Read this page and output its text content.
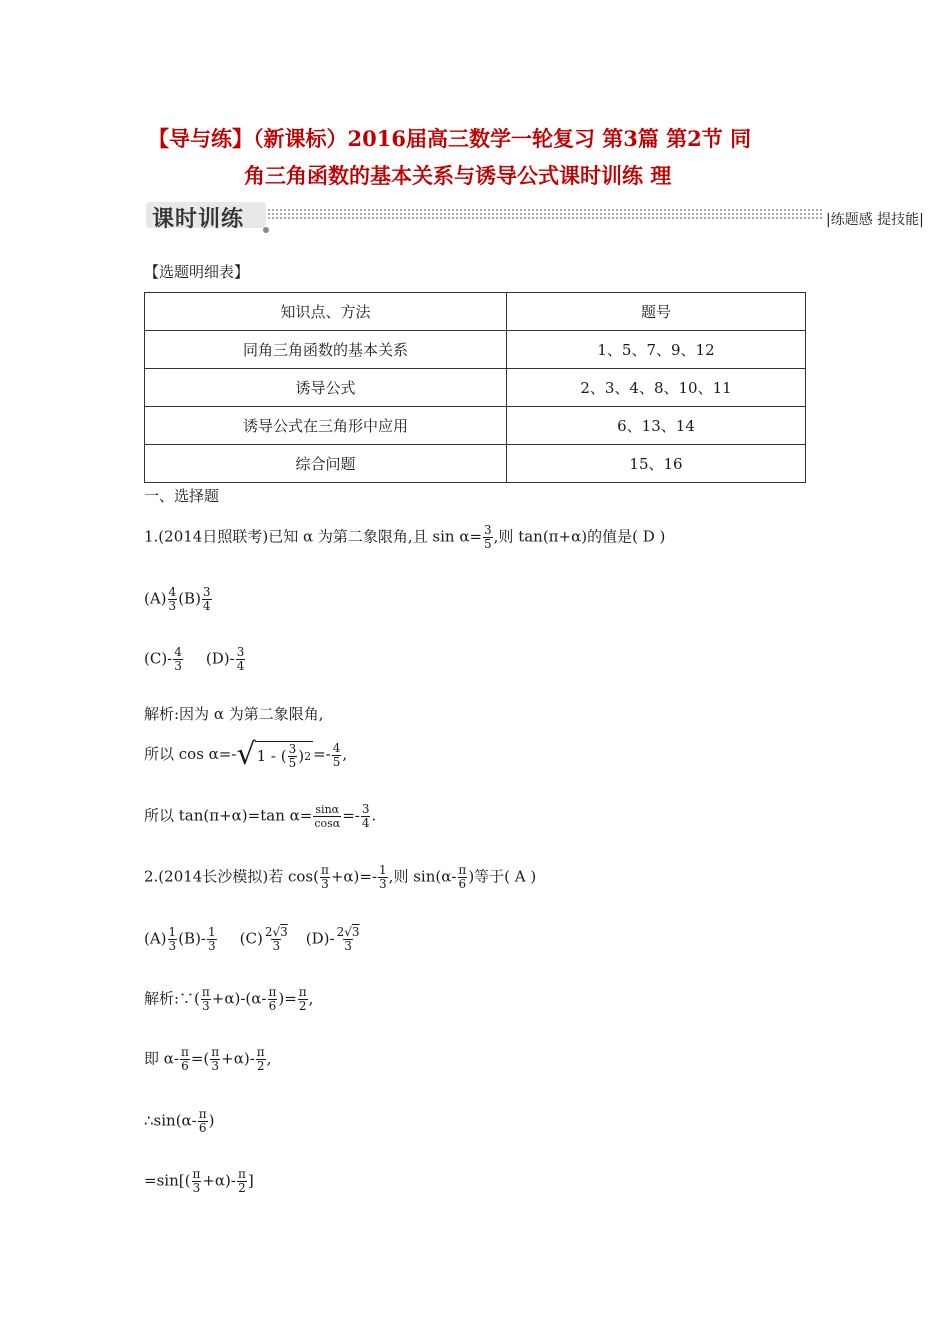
【导与练】（新课标）2016届高三数学一轮复习 第3篇 第2节 同
角三角函数的基本关系与诱导公式课时训练 理
课时训练	|练题感 提技能|
【选题明细表】
知识点、方法	题号
同角三角函数的基本关系	1、5、7、9、12
诱导公式	2、3、4、8、10、11
诱导公式在三角形中应用	6、13、14
综合问题	15、16
一、选择题
1.(2014日照联考)已知 α 为第二象限角,且 $\sin \alpha= \frac{3}{5}$ ,则 tan(π+α)的值是( D )
$(A) \frac{4}{3} (B) \frac{3}{4}$
$(C)- \frac{4}{3} (D)- \frac{3}{4}$
解析:因为 α 为第二象限角,
所以 cos α=- √ 1 - ( $\frac{3}{5}$ ) $2 =- \frac{4}{5}$ ,
所以 tan(π+α)=tan $\alpha= \frac{\sin\alpha}{\cos\alpha} =- \frac{3}{4}$ .
2.(2014长沙模拟)若 $\cos( \frac{\pi}{3} +\alpha)=- \frac{1}{3}$ ,则 $\sin(\alpha- \frac{\pi}{6}$ )等于( A )
$(A) \frac{1}{3} (B)- \frac{1}{3} (C) \frac{2√3}{3} (D)- \frac{2√3}{3}$
解析:∵( $\frac{\pi}{3} +\alpha)-(\alpha- \frac{\pi}{6}$ )= $\frac{\pi}{2}$ ,
即 $\alpha- \frac{\pi}{6}$ =( $\frac{\pi}{3} +\alpha)- \frac{\pi}{2}$ ,
∴sin(α- $\frac{\pi}{6}$ )
$=\sin[( \frac{\pi}{3} +\alpha)- \frac{\pi}{2}$ ]
